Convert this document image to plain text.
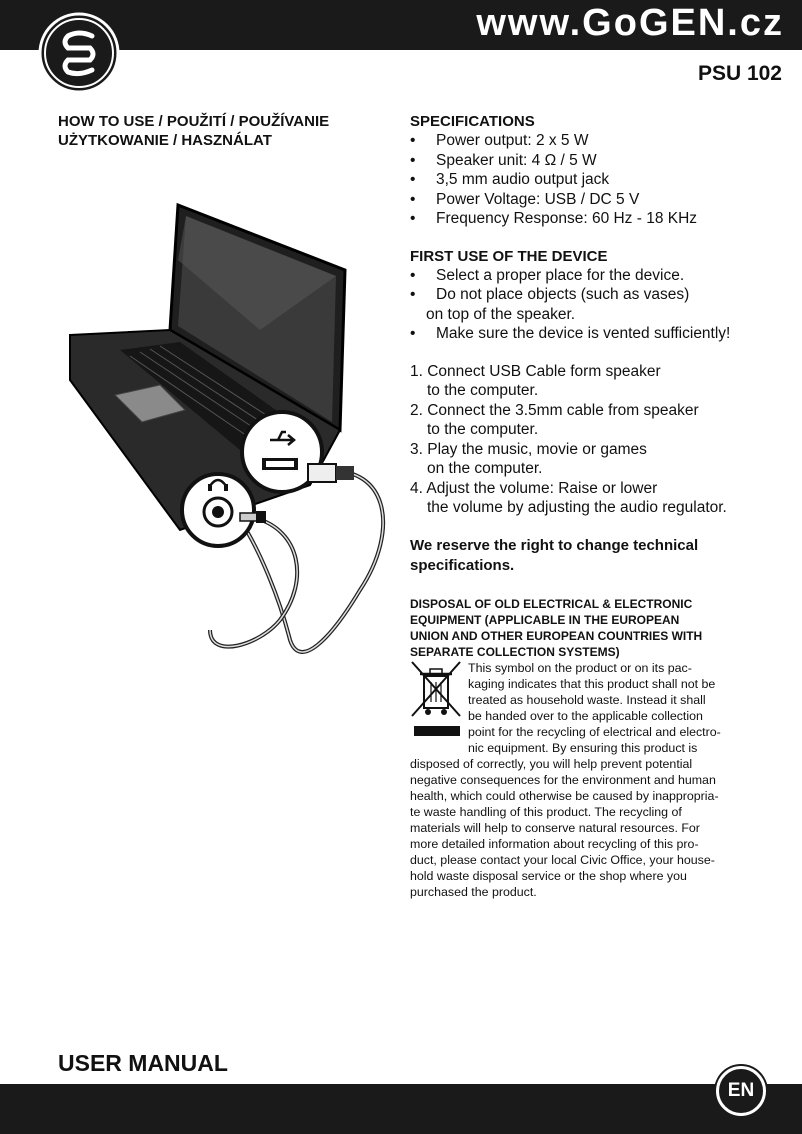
www.GoGEN.cz
PSU 102
HOW TO USE / POUŽITÍ / POUŽÍVANIE
UŻYTKOWANIE / HASZNÁLAT
SPECIFICATIONS
• Power output: 2 x 5 W
• Speaker unit: 4 Ω / 5 W
• 3,5 mm audio output jack
• Power Voltage: USB / DC 5 V
• Frequency Response: 60 Hz - 18 KHz
FIRST USE OF THE DEVICE
• Select a proper place for the device.
• Do not place objects (such as vases)
on top of the speaker.
• Make sure the device is vented sufficiently!
1. Connect USB Cable form speaker
to the computer.
2. Connect the 3.5mm cable from speaker
to the computer.
3. Play the music, movie or games
on the computer.
4. Adjust the volume: Raise or lower
the volume by adjusting the audio regulator.
We reserve the right to change technical
specifications.
DISPOSAL OF OLD ELECTRICAL & ELECTRONIC
EQUIPMENT (APPLICABLE IN THE EUROPEAN
UNION AND OTHER EUROPEAN COUNTRIES WITH
SEPARATE COLLECTION SYSTEMS)
This symbol on the product or on its pac-
kaging indicates that this product shall not be
treated as household waste. Instead it shall
be handed over to the applicable collection
point for the recycling of electrical and electro-
nic equipment. By ensuring this product is
disposed of correctly, you will help prevent potential
negative consequences for the environment and human
health, which could otherwise be caused by inappropria-
te waste handling of this product. The recycling of
materials will help to conserve natural resources. For
more detailed information about recycling of this pro-
duct, please contact your local Civic Office, your house-
hold waste disposal service or the shop where you
purchased the product.
USER MANUAL
EN
